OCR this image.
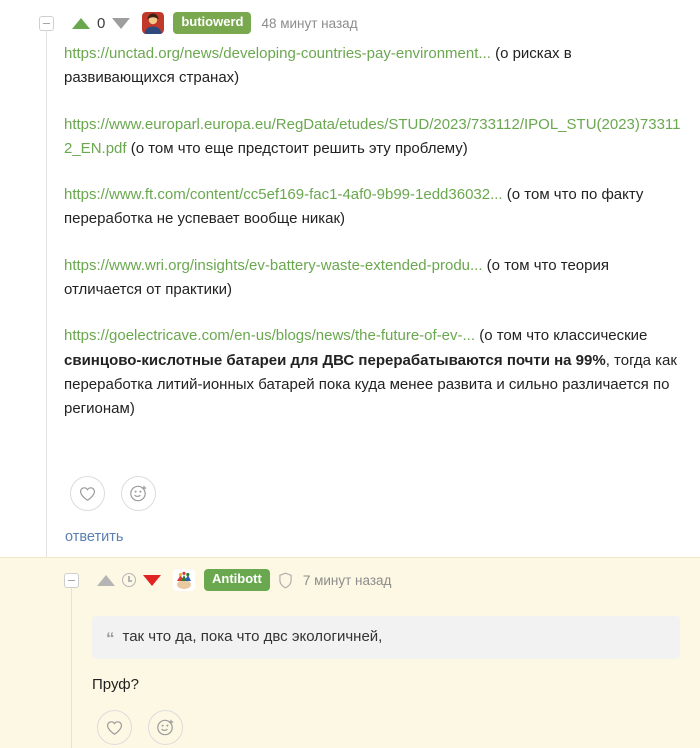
–	0	butiowerd	48 минут назад

https://unctad.org/news/developing-countries-pay-environment... (о рисках в развивающихся странах)

https://www.europarl.europa.eu/RegData/etudes/STUD/2023/733112/IPOL_STU(2023)733112_EN.pdf (о том что еще предстоит решить эту проблему)

https://www.ft.com/content/cc5ef169-fac1-4af0-9b99-1edd36032... (о том что по факту переработка не успевает вообще никак)

https://www.wri.org/insights/ev-battery-waste-extended-produ... (о том что теория отличается от практики)

https://goelectricave.com/en-us/blogs/news/the-future-of-ev-... (о том что классические свинцово-кислотные батареи для ДВС перерабатываются почти на 99%, тогда как переработка литий-ионных батарей пока куда менее развита и сильно различается по регионам)

ответить
–	Antibott	7 минут назад
“ так что да, пока что двс экологичней,
Пруф?
